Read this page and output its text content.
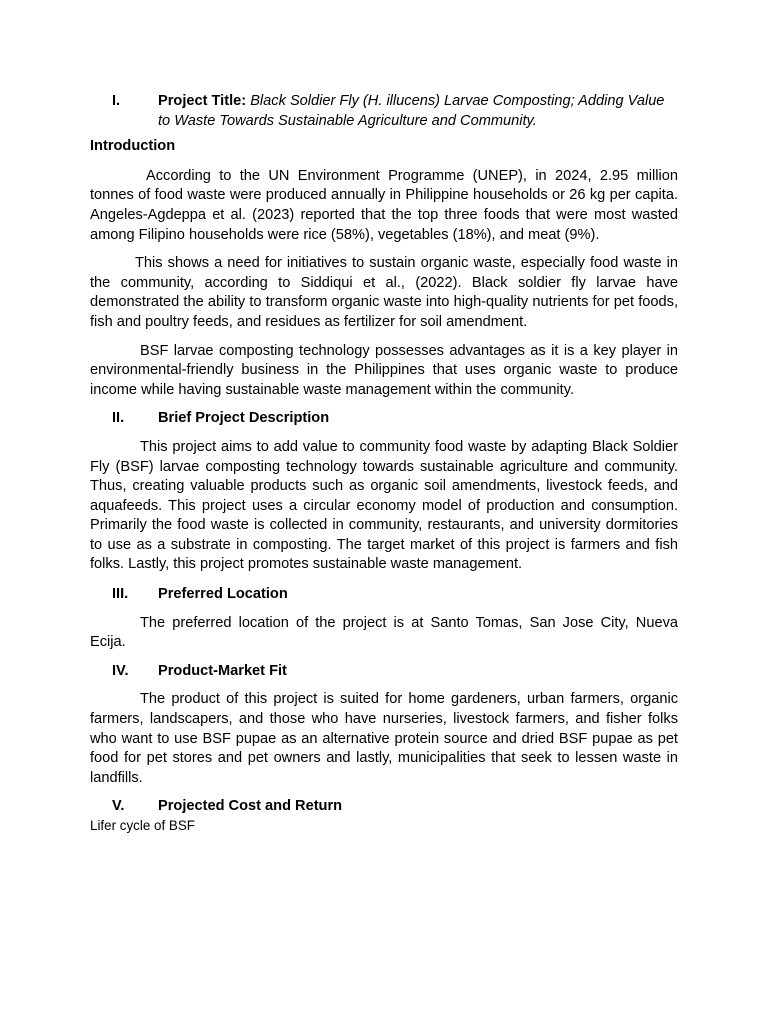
I.	Project Title: Black Soldier Fly (H. illucens) Larvae Composting; Adding Value to Waste Towards Sustainable Agriculture and Community.

Introduction

According to the UN Environment Programme (UNEP), in 2024, 2.95 million tonnes of food waste were produced annually in Philippine households or 26 kg per capita. Angeles-Agdeppa et al. (2023) reported that the top three foods that were most wasted among Filipino households were rice (58%), vegetables (18%), and meat (9%).

This shows a need for initiatives to sustain organic waste, especially food waste in the community, according to Siddiqui et al., (2022). Black soldier fly larvae have demonstrated the ability to transform organic waste into high-quality nutrients for pet foods, fish and poultry feeds, and residues as fertilizer for soil amendment.

BSF larvae composting technology possesses advantages as it is a key player in environmental-friendly business in the Philippines that uses organic waste to produce income while having sustainable waste management within the community.

II.	Brief Project Description

This project aims to add value to community food waste by adapting Black Soldier Fly (BSF) larvae composting technology towards sustainable agriculture and community. Thus, creating valuable products such as organic soil amendments, livestock feeds, and aquafeeds. This project uses a circular economy model of production and consumption. Primarily the food waste is collected in community, restaurants, and university dormitories to use as a substrate in composting. The target market of this project is farmers and fish folks. Lastly, this project promotes sustainable waste management.

III.	Preferred Location

The preferred location of the project is at Santo Tomas, San Jose City, Nueva Ecija.

IV.	Product-Market Fit

The product of this project is suited for home gardeners, urban farmers, organic farmers, landscapers, and those who have nurseries, livestock farmers, and fisher folks who want to use BSF pupae as an alternative protein source and dried BSF pupae as pet food for pet stores and pet owners and lastly, municipalities that seek to lessen waste in landfills.

V.	Projected Cost and Return

Lifer cycle of BSF
